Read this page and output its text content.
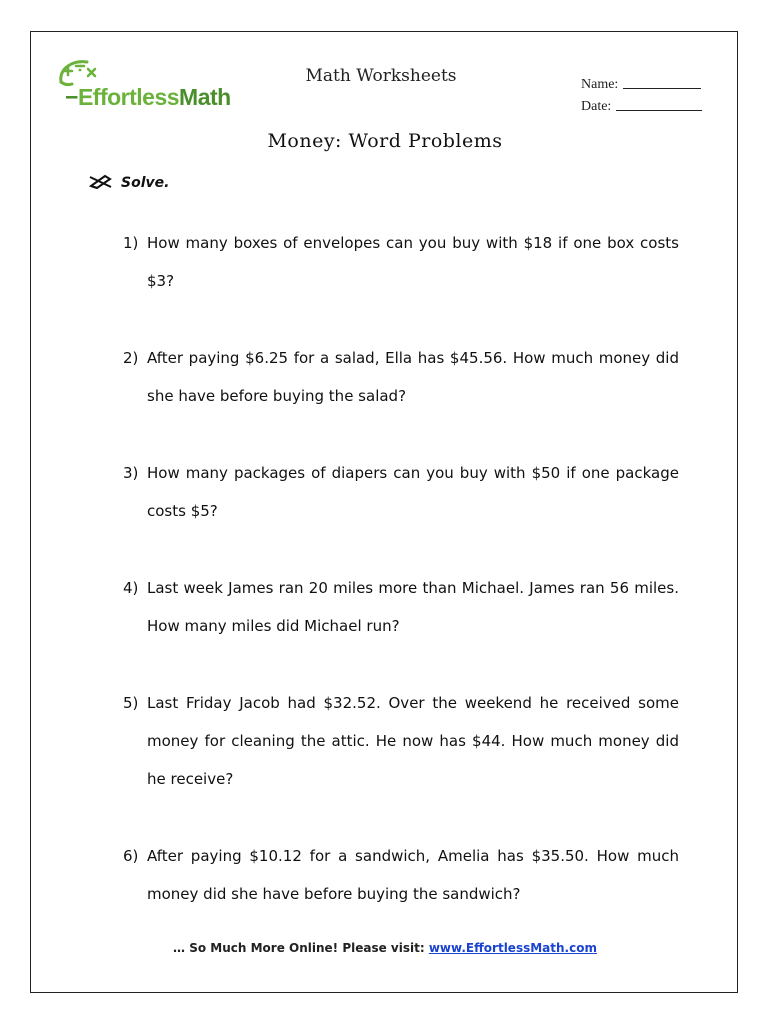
−EffortlessMath
Math Worksheets	Name:
Date:
Money: Word Problems
Solve.
1) How many boxes of envelopes can you buy with $18 if one box costs $3?
2) After paying $6.25 for a salad, Ella has $45.56. How much money did she have before buying the salad?
3) How many packages of diapers can you buy with $50 if one package costs $5?
4) Last week James ran 20 miles more than Michael. James ran 56 miles. How many miles did Michael run?
5) Last Friday Jacob had $32.52. Over the weekend he received some money for cleaning the attic. He now has $44. How much money did he receive?
6) After paying $10.12 for a sandwich, Amelia has $35.50. How much money did she have before buying the sandwich?
… So Much More Online! Please visit: www.EffortlessMath.com
